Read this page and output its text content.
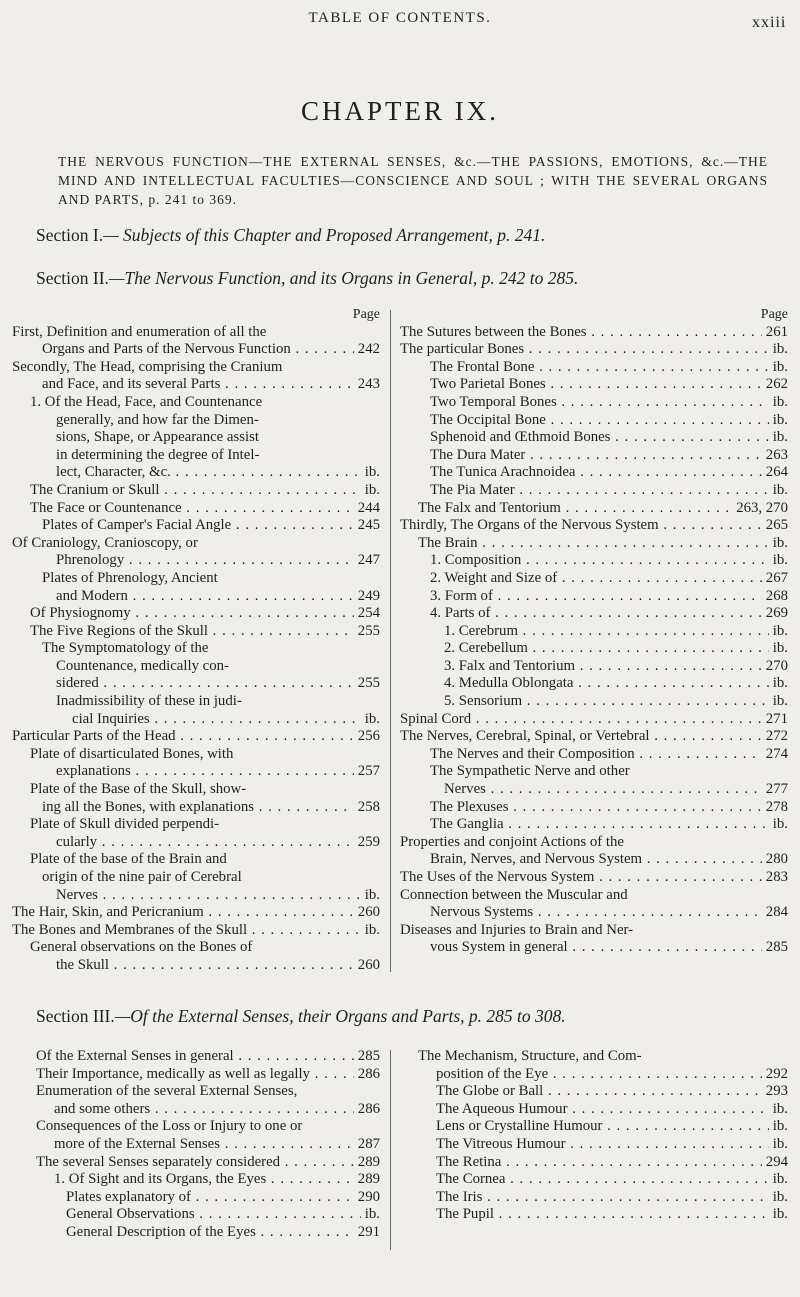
TABLE OF CONTENTS.	xxiii
CHAPTER IX.
THE NERVOUS FUNCTION—THE EXTERNAL SENSES, &c.—THE PASSIONS, EMOTIONS, &c.—THE MIND AND INTELLECTUAL FACULTIES—CONSCIENCE AND SOUL ; WITH THE SEVERAL ORGANS AND PARTS, p. 241 to 369.
Section I.— Subjects of this Chapter and Proposed Arrangement, p. 241.
Section II.—The Nervous Function, and its Organs in General, p. 242 to 285.
Page
First, Definition and enumeration of all the
Organs and Parts of the Nervous Function . . .	242
Secondly, The Head, comprising the Cranium
and Face, and its several Parts . . .	243
1. Of the Head, Face, and Countenance
generally, and how far the Dimen-
sions, Shape, or Appearance assist
in determining the degree of Intel-
lect, Character, &c. . . .	ib.
The Cranium or Skull . . .	ib.
The Face or Countenance . . .	244
Plates of Camper's Facial Angle . . .	245
Of Craniology, Cranioscopy, or
Phrenology . . .	247
Plates of Phrenology, Ancient
and Modern . . .	249
Of Physiognomy . . .	254
The Five Regions of the Skull . . .	255
The Symptomatology of the
Countenance, medically con-
sidered . . .	255
Inadmissibility of these in judi-
cial Inquiries . . .	ib.
Particular Parts of the Head . . .	256
Plate of disarticulated Bones, with
explanations . . .	257
Plate of the Base of the Skull, show-
ing all the Bones, with explanations . . .	258
Plate of Skull divided perpendi-
cularly . . .	259
Plate of the base of the Brain and
origin of the nine pair of Cerebral
Nerves . . .	ib.
The Hair, Skin, and Pericranium . . .	260
The Bones and Membranes of the Skull . . .	ib.
General observations on the Bones of
the Skull . . .	260
Page
The Sutures between the Bones . . .	261
The particular Bones . . .	ib.
The Frontal Bone . . .	ib.
Two Parietal Bones . . .	262
Two Temporal Bones . . .	ib.
The Occipital Bone . . .	ib.
Sphenoid and Œthmoid Bones . . .	ib.
The Dura Mater . . .	263
The Tunica Arachnoidea . . .	264
The Pia Mater . . .	ib.
The Falx and Tentorium . . .	263, 270
Thirdly, The Organs of the Nervous System . . .	265
The Brain . . .	ib.
1. Composition . . .	ib.
2. Weight and Size of . . .	267
3. Form of . . .	268
4. Parts of . . .	269
1. Cerebrum . . .	ib.
2. Cerebellum . . .	ib.
3. Falx and Tentorium . . .	270
4. Medulla Oblongata . . .	ib.
5. Sensorium . . .	ib.
Spinal Cord . . .	271
The Nerves, Cerebral, Spinal, or Vertebral . . .	272
The Nerves and their Composition . . .	274
The Sympathetic Nerve and other
Nerves . . .	277
The Plexuses . . .	278
The Ganglia . . .	ib.
Properties and conjoint Actions of the
Brain, Nerves, and Nervous System . . .	280
The Uses of the Nervous System . . .	283
Connection between the Muscular and
Nervous Systems . . .	284
Diseases and Injuries to Brain and Ner-
vous System in general . . .	285
Section III.—Of the External Senses, their Organs and Parts, p. 285 to 308.
Of the External Senses in general . . .	285
Their Importance, medically as well as legally . . .	286
Enumeration of the several External Senses,
and some others . . .	286
Consequences of the Loss or Injury to one or
more of the External Senses . . .	287
The several Senses separately considered . . .	289
1. Of Sight and its Organs, the Eyes . . .	289
Plates explanatory of . . .	290
General Observations . . .	ib.
General Description of the Eyes . . .	291
The Mechanism, Structure, and Com-
position of the Eye . . .	292
The Globe or Ball . . .	293
The Aqueous Humour . . .	ib.
Lens or Crystalline Humour . . .	ib.
The Vitreous Humour . . .	ib.
The Retina . . .	294
The Cornea . . .	ib.
The Iris . . .	ib.
The Pupil . . .	ib.
